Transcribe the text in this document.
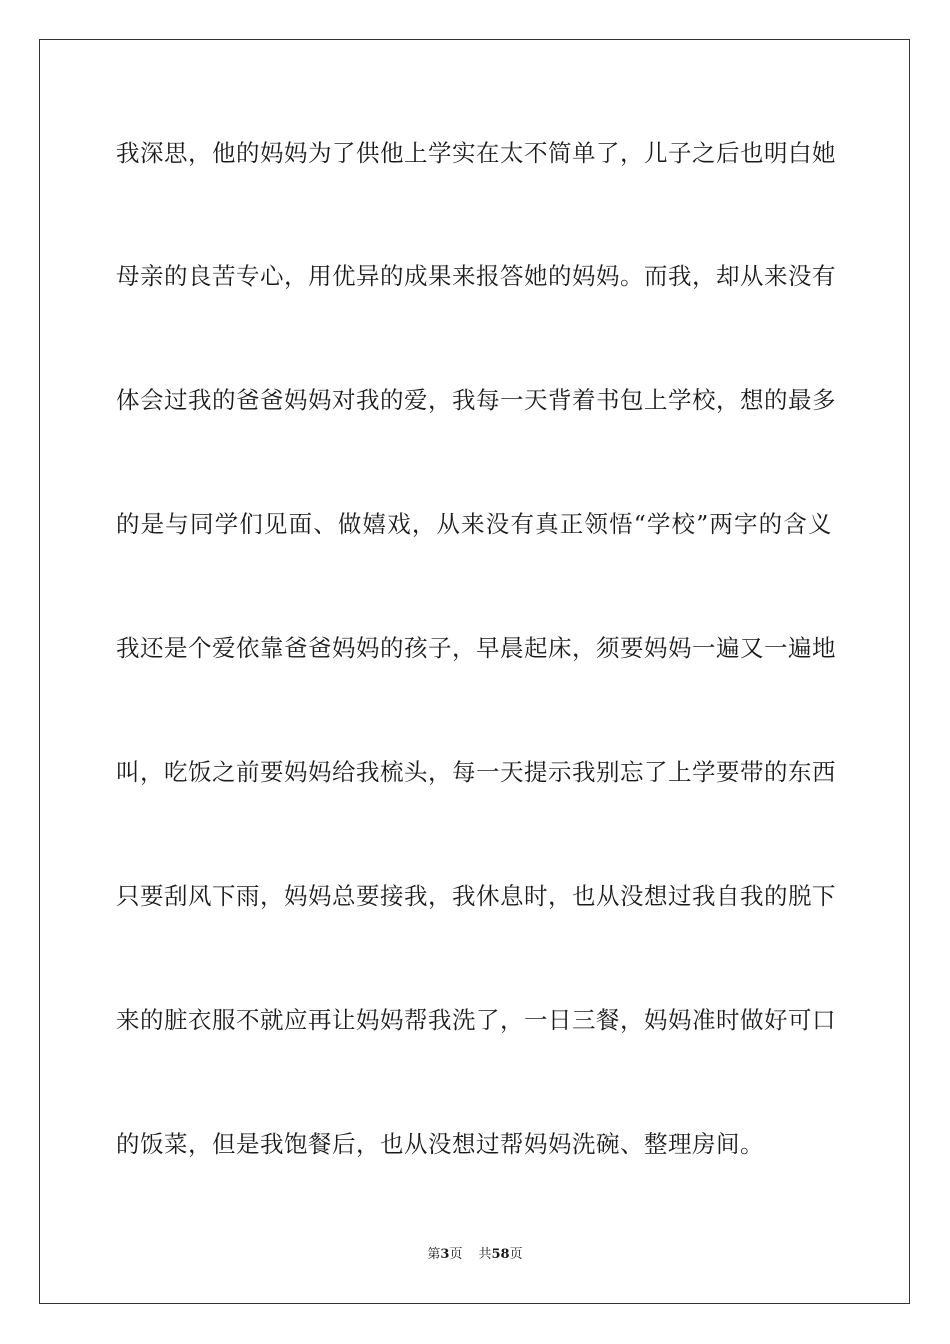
我深思，他的妈妈为了供他上学实在太不简单了，儿子之后也明白她
母亲的良苦专心，用优异的成果来报答她的妈妈。而我，却从来没有
体会过我的爸爸妈妈对我的爱，我每一天背着书包上学校，想的最多
的是与同学们见面、做嬉戏，从来没有真正领悟“学校”两字的含义
我还是个爱依靠爸爸妈妈的孩子，早晨起床，须要妈妈一遍又一遍地
叫，吃饭之前要妈妈给我梳头，每一天提示我别忘了上学要带的东西
只要刮风下雨，妈妈总要接我，我休息时，也从没想过我自我的脱下
来的脏衣服不就应再让妈妈帮我洗了，一日三餐，妈妈准时做好可口
的饭菜，但是我饱餐后，也从没想过帮妈妈洗碗、整理房间。
第3页 共58页
